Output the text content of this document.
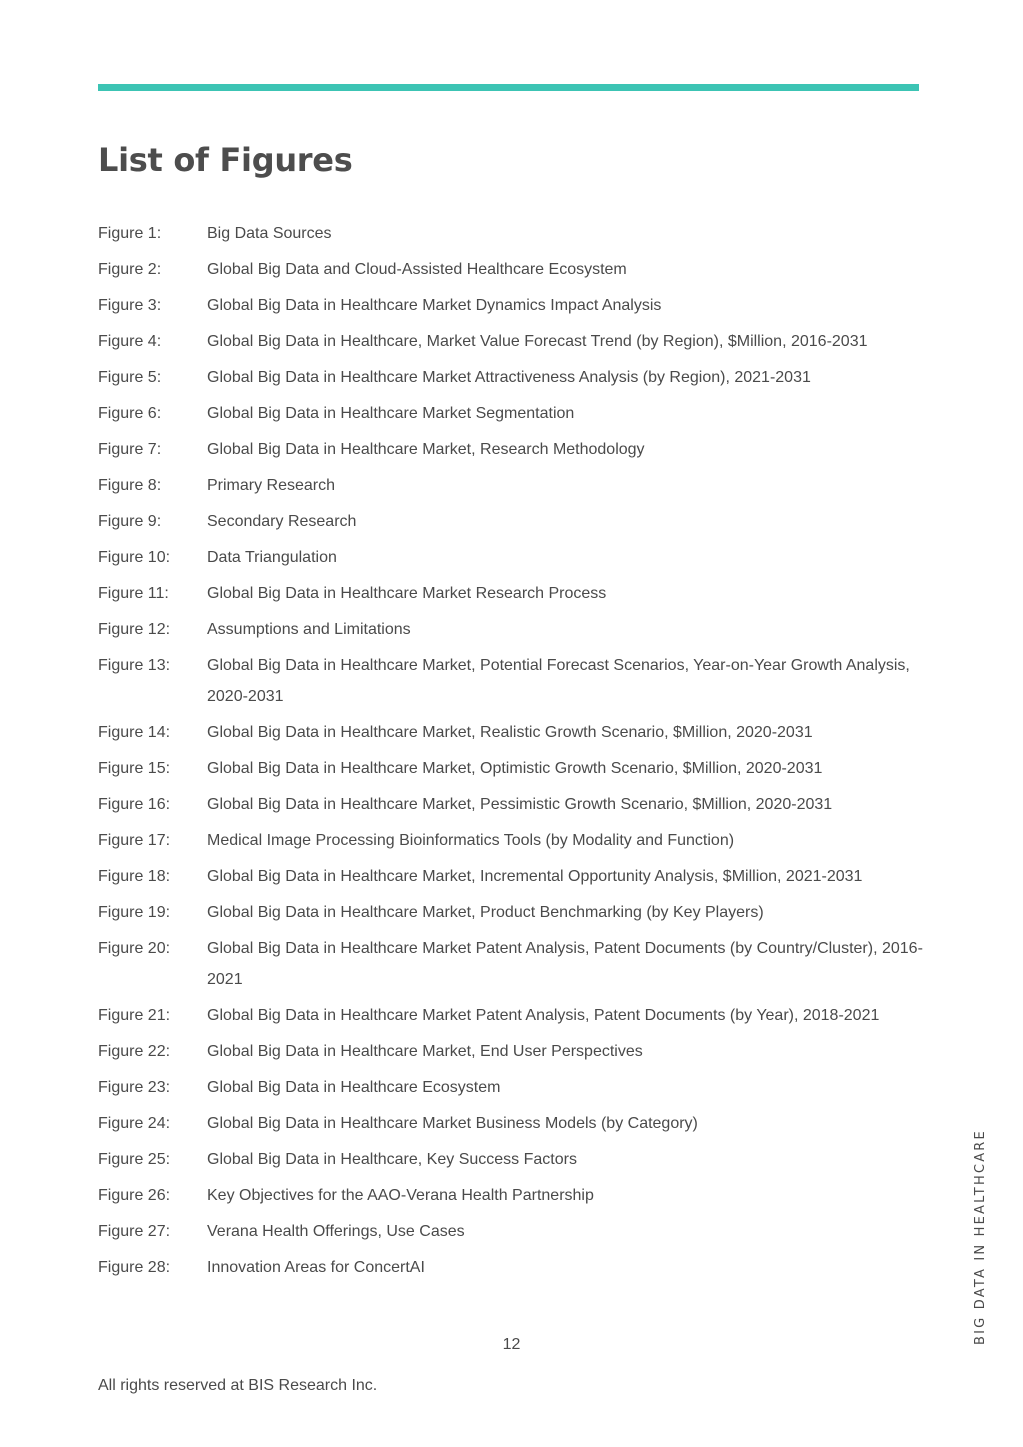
List of Figures
Figure 1:	Big Data Sources
Figure 2:	Global Big Data and Cloud-Assisted Healthcare Ecosystem
Figure 3:	Global Big Data in Healthcare Market Dynamics Impact Analysis
Figure 4:	Global Big Data in Healthcare, Market Value Forecast Trend (by Region), $Million, 2016-2031
Figure 5:	Global Big Data in Healthcare Market Attractiveness Analysis (by Region), 2021-2031
Figure 6:	Global Big Data in Healthcare Market Segmentation
Figure 7:	Global Big Data in Healthcare Market, Research Methodology
Figure 8:	Primary Research
Figure 9:	Secondary Research
Figure 10:	Data Triangulation
Figure 11:	Global Big Data in Healthcare Market Research Process
Figure 12:	Assumptions and Limitations
Figure 13:	Global Big Data in Healthcare Market, Potential Forecast Scenarios, Year-on-Year Growth Analysis, 2020-2031
Figure 14:	Global Big Data in Healthcare Market, Realistic Growth Scenario, $Million, 2020-2031
Figure 15:	Global Big Data in Healthcare Market, Optimistic Growth Scenario, $Million, 2020-2031
Figure 16:	Global Big Data in Healthcare Market, Pessimistic Growth Scenario, $Million, 2020-2031
Figure 17:	Medical Image Processing Bioinformatics Tools (by Modality and Function)
Figure 18:	Global Big Data in Healthcare Market, Incremental Opportunity Analysis, $Million, 2021-2031
Figure 19:	Global Big Data in Healthcare Market, Product Benchmarking (by Key Players)
Figure 20:	Global Big Data in Healthcare Market Patent Analysis, Patent Documents (by Country/Cluster), 2016-2021
Figure 21:	Global Big Data in Healthcare Market Patent Analysis, Patent Documents (by Year), 2018-2021
Figure 22:	Global Big Data in Healthcare Market, End User Perspectives
Figure 23:	Global Big Data in Healthcare Ecosystem
Figure 24:	Global Big Data in Healthcare Market Business Models (by Category)
Figure 25:	Global Big Data in Healthcare, Key Success Factors
Figure 26:	Key Objectives for the AAO-Verana Health Partnership
Figure 27:	Verana Health Offerings, Use Cases
Figure 28:	Innovation Areas for ConcertAI
12
All rights reserved at BIS Research Inc.
BIG DATA IN HEALTHCARE
